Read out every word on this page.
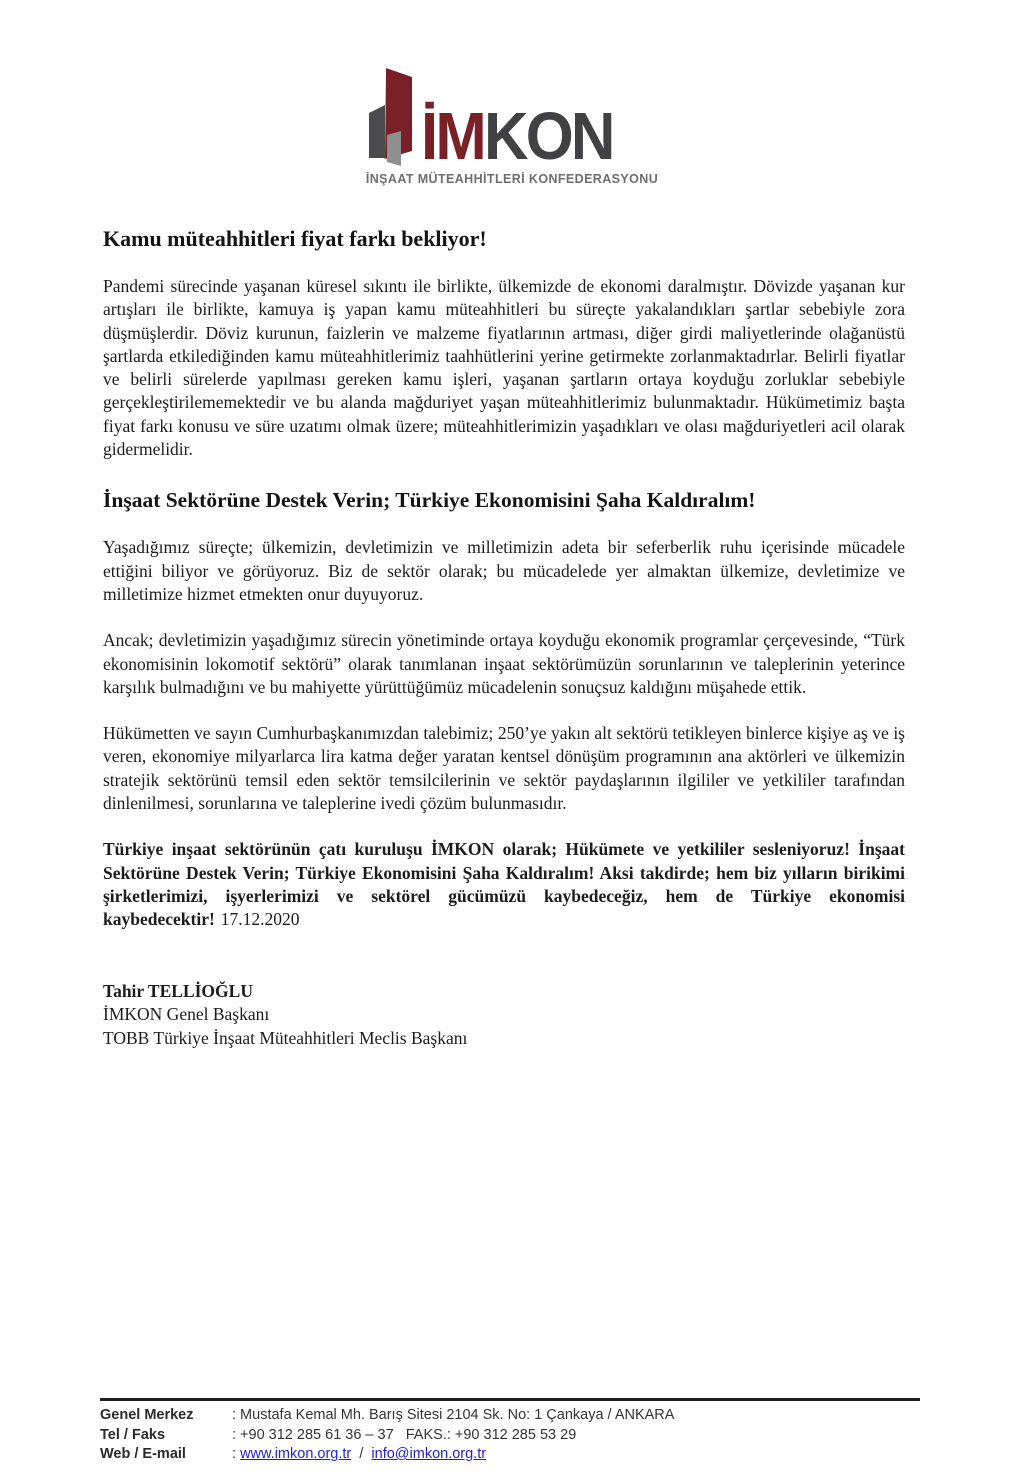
İMKON
İNŞAAT MÜTEAHHİTLERİ KONFEDERASYONU
Kamu müteahhitleri fiyat farkı bekliyor!

Pandemi sürecinde yaşanan küresel sıkıntı ile birlikte, ülkemizde de ekonomi daralmıştır. Dövizde yaşanan kur artışları ile birlikte, kamuya iş yapan kamu müteahhitleri bu süreçte yakalandıkları şartlar sebebiyle zora düşmüşlerdir. Döviz kurunun, faizlerin ve malzeme fiyatlarının artması, diğer girdi maliyetlerinde olağanüstü şartlarda etkilediğinden kamu müteahhitlerimiz taahhütlerini yerine getirmekte zorlanmaktadırlar. Belirli fiyatlar ve belirli sürelerde yapılması gereken kamu işleri, yaşanan şartların ortaya koyduğu zorluklar sebebiyle gerçekleştirilememektedir ve bu alanda mağduriyet yaşan müteahhitlerimiz bulunmaktadır. Hükümetimiz başta fiyat farkı konusu ve süre uzatımı olmak üzere; müteahhitlerimizin yaşadıkları ve olası mağduriyetleri acil olarak gidermelidir.

İnşaat Sektörüne Destek Verin; Türkiye Ekonomisini Şaha Kaldıralım!

Yaşadığımız süreçte; ülkemizin, devletimizin ve milletimizin adeta bir seferberlik ruhu içerisinde mücadele ettiğini biliyor ve görüyoruz. Biz de sektör olarak; bu mücadelede yer almaktan ülkemize, devletimize ve milletimize hizmet etmekten onur duyuyoruz.

Ancak; devletimizin yaşadığımız sürecin yönetiminde ortaya koyduğu ekonomik programlar çerçevesinde, “Türk ekonomisinin lokomotif sektörü” olarak tanımlanan inşaat sektörümüzün sorunlarının ve taleplerinin yeterince karşılık bulmadığını ve bu mahiyette yürüttüğümüz mücadelenin sonuçsuz kaldığını müşahede ettik.

Hükümetten ve sayın Cumhurbaşkanımızdan talebimiz; 250’ye yakın alt sektörü tetikleyen binlerce kişiye aş ve iş veren, ekonomiye milyarlarca lira katma değer yaratan kentsel dönüşüm programının ana aktörleri ve ülkemizin stratejik sektörünü temsil eden sektör temsilcilerinin ve sektör paydaşlarının ilgililer ve yetkililer tarafından dinlenilmesi, sorunlarına ve taleplerine ivedi çözüm bulunmasıdır.

Türkiye inşaat sektörünün çatı kuruluşu İMKON olarak; Hükümete ve yetkililer sesleniyoruz! İnşaat Sektörüne Destek Verin; Türkiye Ekonomisini Şaha Kaldıralım! Aksi takdirde; hem biz yılların birikimi şirketlerimizi, işyerlerimizi ve sektörel gücümüzü kaybedeceğiz, hem de Türkiye ekonomisi kaybedecektir! 17.12.2020

Tahir TELLİOĞLU
İMKON Genel Başkanı
TOBB Türkiye İnşaat Müteahhitleri Meclis Başkanı
Genel Merkez	: Mustafa Kemal Mh. Barış Sitesi 2104 Sk. No: 1 Çankaya / ANKARA
Tel / Faks	: +90 312 285 61 36 – 37   FAKS.: +90 312 285 53 29
Web / E-mail	: www.imkon.org.tr  /  info@imkon.org.tr
